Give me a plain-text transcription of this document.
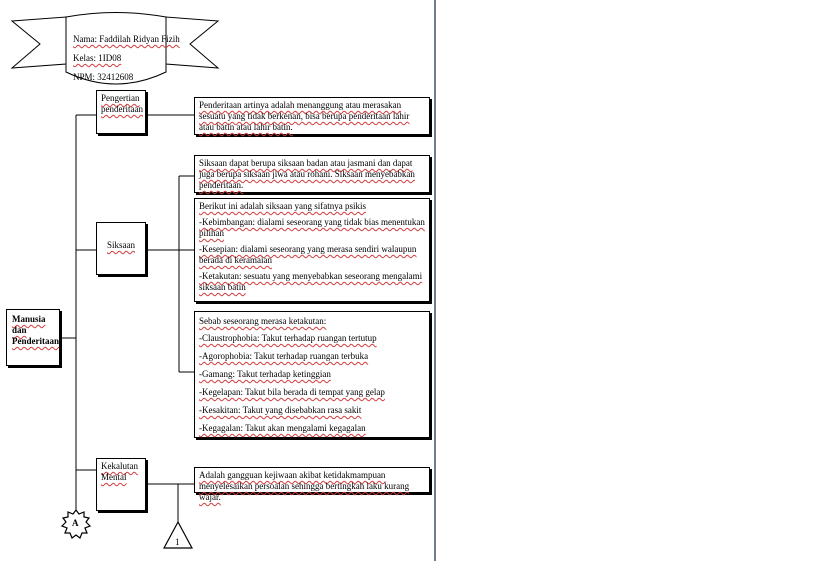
Nama: Faddilah Ridyan Fizih
Kelas: 1ID08
NPM: 32412608
Manusia dan Penderitaan
Pengertian penderitaan
Siksaan
Kekalutan Mental
Penderitaan artinya adalah menanggung atau merasakan sesuatu yang tidak berkenan, bisa berupa penderitaan lahir atau batin atau lahir batin.
Siksaan dapat berupa siksaan badan atau jasmani dan dapat juga berupa siksaan jiwa atau rohani. Siksaan menyebabkan penderitaan.

Berikut ini adalah siksaan yang sifatnya psikis

-Kebimbangan: dialami seseorang yang tidak bias menentukan pilihan

-Kesepian: dialami seseorang yang merasa sendiri walaupun berada di keramaian

-Ketakutan: sesuatu yang menyebabkan seseorang mengalami siksaan batin

Sebab seseorang merasa ketakutan:

-Claustrophobia: Takut terhadap ruangan tertutup

-Agorophobia: Takut terhadap ruangan terbuka

-Gamang: Takut terhadap ketinggian

-Kegelapan: Takut bila berada di tempat yang gelap

-Kesakitan: Takut yang disebabkan rasa sakit

-Kegagalan: Takut akan mengalami kegagalan

Adalah gangguan kejiwaan akibat ketidakmampuan menyelesaikan persoalan sehingga bertingkah laku kurang wajar.
A
1
